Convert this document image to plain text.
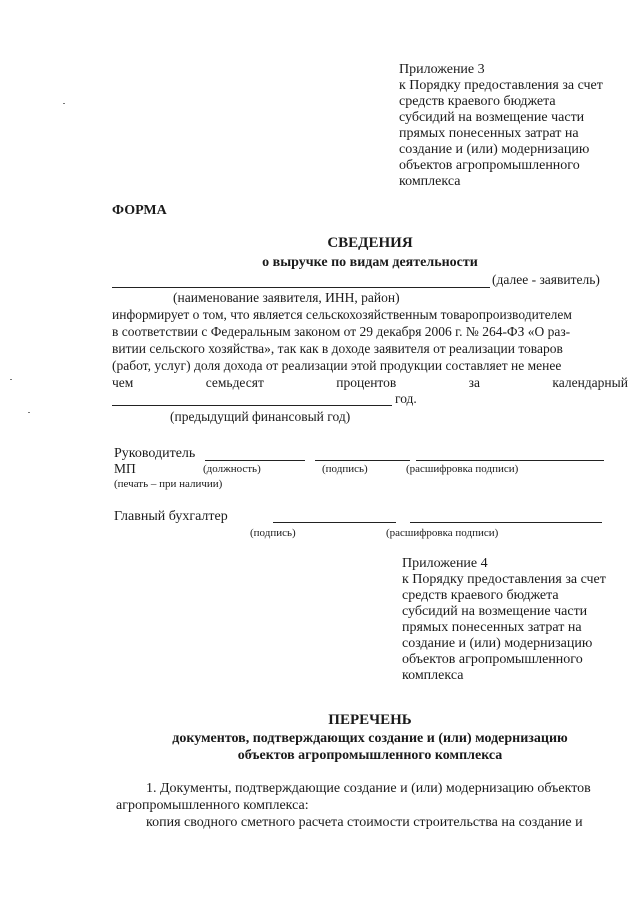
Приложение 3
к Порядку предоставления за счет
средств краевого бюджета
субсидий на возмещение части
прямых понесенных затрат на
создание и (или) модернизацию
объектов агропромышленного
комплекса
ФОРМА
СВЕДЕНИЯ
о выручке по видам деятельности
(далее - заявитель)
(наименование заявителя, ИНН, район)
информирует о том, что является сельскохозяйственным товаропроизводителем
в соответствии с Федеральным законом от 29 декабря 2006 г. № 264-ФЗ «О раз-
витии сельского хозяйства», так как в доходе заявителя от реализации товаров
(работ, услуг) доля дохода от реализации этой продукции составляет не менее
чем	семьдесят	процентов	за	календарный
год.
(предыдущий финансовый год)
Руководитель
МП	(должность)	(подпись)	(расшифровка подписи)
(печать – при наличии)
Главный бухгалтер
(подпись)	(расшифровка подписи)
Приложение 4
к Порядку предоставления за счет
средств краевого бюджета
субсидий на возмещение части
прямых понесенных затрат на
создание и (или) модернизацию
объектов агропромышленного
комплекса
ПЕРЕЧЕНЬ
документов, подтверждающих создание и (или) модернизацию
объектов агропромышленного комплекса
1. Документы, подтверждающие создание и (или) модернизацию объектов
агропромышленного комплекса:
копия сводного сметного расчета стоимости строительства на создание и
